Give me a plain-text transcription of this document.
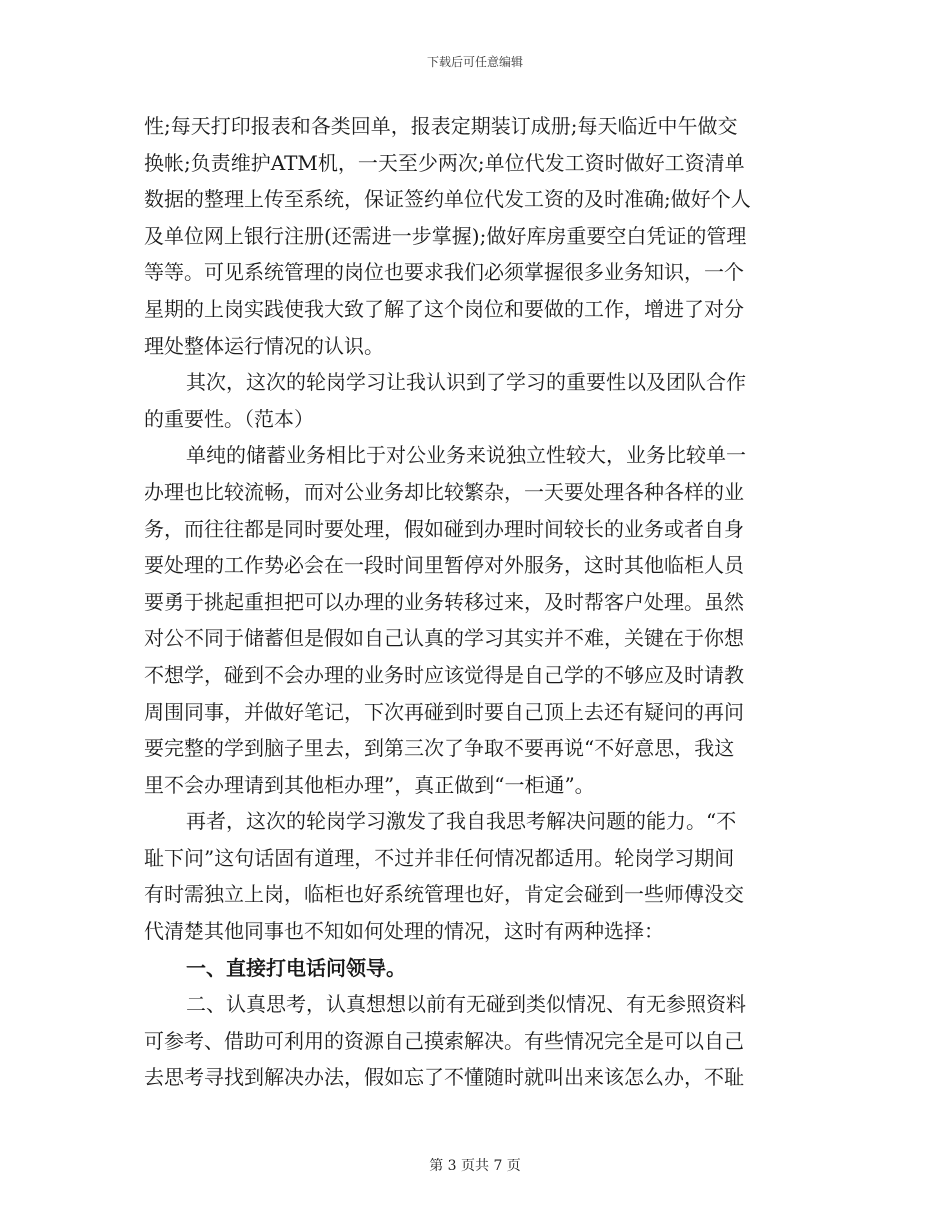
下载后可任意编辑
性;每天打印报表和各类回单，报表定期装订成册;每天临近中午做交
换帐;负责维护ATM机，一天至少两次;单位代发工资时做好工资清单
数据的整理上传至系统，保证签约单位代发工资的及时准确;做好个人
及单位网上银行注册(还需进一步掌握);做好库房重要空白凭证的管理
等等。可见系统管理的岗位也要求我们必须掌握很多业务知识，一个
星期的上岗实践使我大致了解了这个岗位和要做的工作，增进了对分
理处整体运行情况的认识。
其次，这次的轮岗学习让我认识到了学习的重要性以及团队合作
的重要性。（范本）
单纯的储蓄业务相比于对公业务来说独立性较大，业务比较单一
办理也比较流畅，而对公业务却比较繁杂，一天要处理各种各样的业
务，而往往都是同时要处理，假如碰到办理时间较长的业务或者自身
要处理的工作势必会在一段时间里暂停对外服务，这时其他临柜人员
要勇于挑起重担把可以办理的业务转移过来，及时帮客户处理。虽然
对公不同于储蓄但是假如自己认真的学习其实并不难，关键在于你想
不想学，碰到不会办理的业务时应该觉得是自己学的不够应及时请教
周围同事，并做好笔记，下次再碰到时要自己顶上去还有疑问的再问
要完整的学到脑子里去，到第三次了争取不要再说“不好意思，我这
里不会办理请到其他柜办理”，真正做到“一柜通”。
再者，这次的轮岗学习激发了我自我思考解决问题的能力。“不
耻下问”这句话固有道理，不过并非任何情况都适用。轮岗学习期间
有时需独立上岗，临柜也好系统管理也好，肯定会碰到一些师傅没交
代清楚其他同事也不知如何处理的情况，这时有两种选择：
一、直接打电话问领导。
二、认真思考，认真想想以前有无碰到类似情况、有无参照资料
可参考、借助可利用的资源自己摸索解决。有些情况完全是可以自己
去思考寻找到解决办法，假如忘了不懂随时就叫出来该怎么办，不耻
第 3 页共 7 页
